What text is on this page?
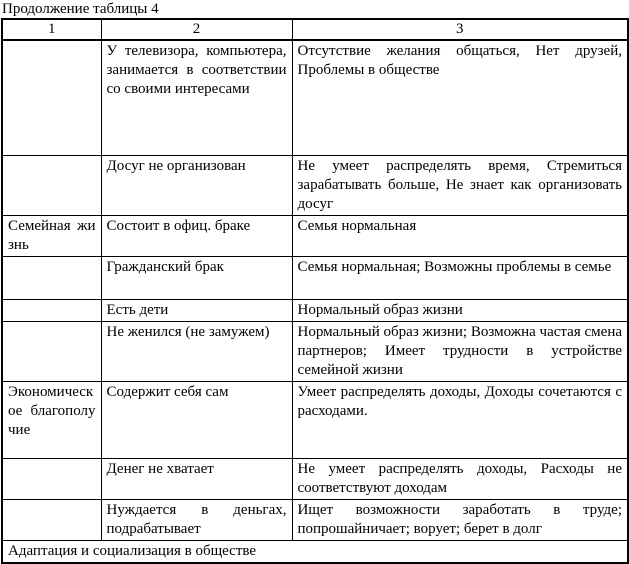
Продолжение таблицы 4
1	2	3
	У телевизора, компьютера, занимается в соответствии со своими интересами	Отсутствие желания общаться, Нет друзей, Проблемы в обществе
	Досуг не организован	Не умеет распределять время, Стремиться зарабатывать больше, Не знает как организовать досуг
Семейная жизнь	Состоит в офиц. браке	Семья нормальная
	Гражданский брак	Семья нормальная; Возможны проблемы в семье
	Есть дети	Нормальный образ жизни
	Не женился (не замужем)	Нормальный образ жизни; Возможна частая смена партнеров; Имеет трудности в устройстве семейной жизни
Экономическое благополучие	Содержит себя сам	Умеет распределять доходы, Доходы сочетаются с расходами.
	Денег не хватает	Не умеет распределять доходы, Расходы не соответствуют доходам
	Нуждается в деньгах, подрабатывает	Ищет возможности заработать в труде; попрошайничает; ворует; берет в долг
Адаптация и социализация в обществе		
